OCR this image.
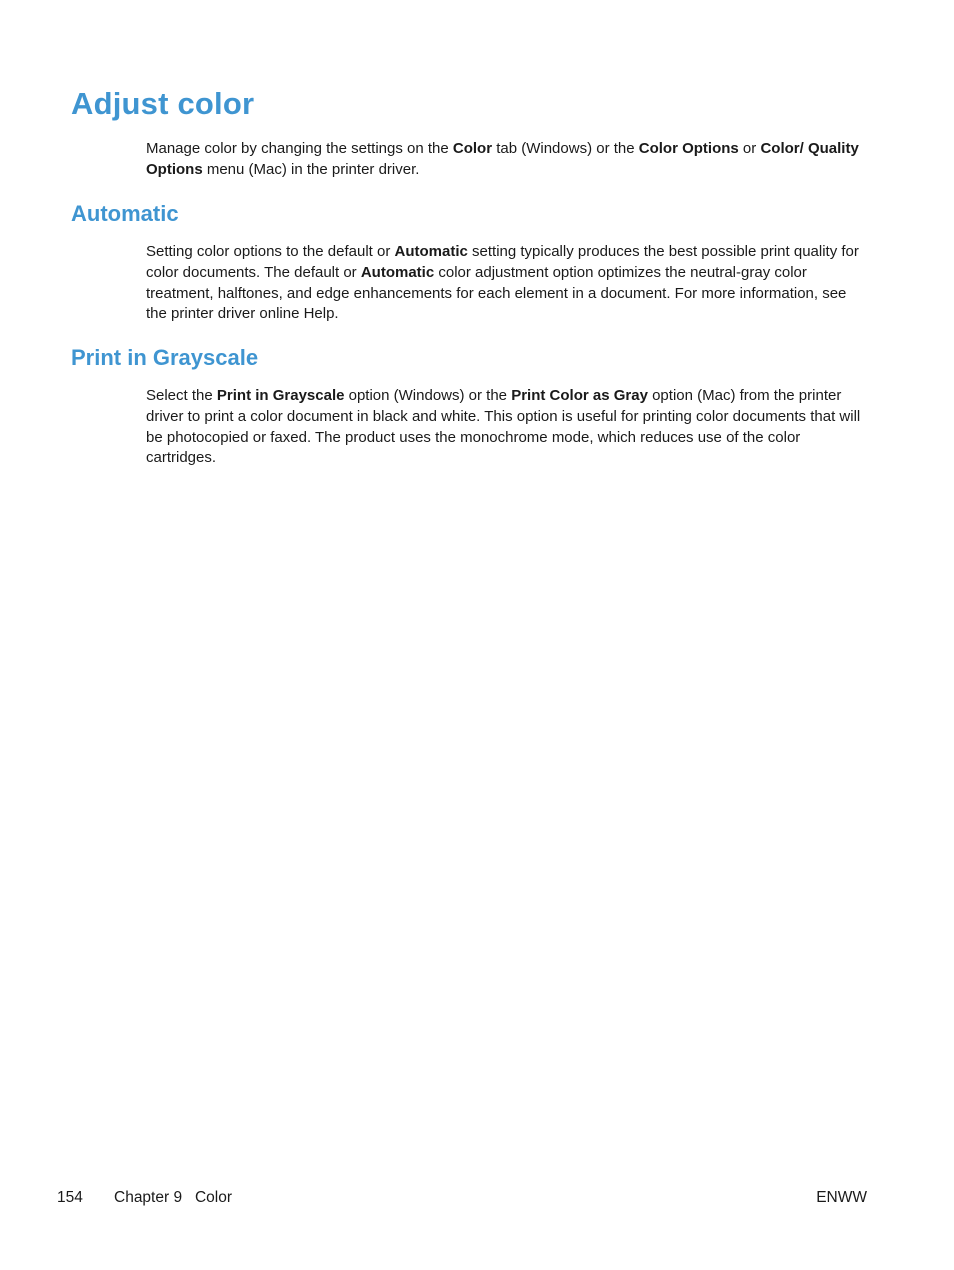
Adjust color

Manage color by changing the settings on the Color tab (Windows) or the Color Options or Color/ Quality Options menu (Mac) in the printer driver.

Automatic

Setting color options to the default or Automatic setting typically produces the best possible print quality for color documents. The default or Automatic color adjustment option optimizes the neutral-gray color treatment, halftones, and edge enhancements for each element in a document. For more information, see the printer driver online Help.

Print in Grayscale

Select the Print in Grayscale option (Windows) or the Print Color as Gray option (Mac) from the printer driver to print a color document in black and white. This option is useful for printing color documents that will be photocopied or faxed. The product uses the monochrome mode, which reduces use of the color cartridges.

154 Chapter 9   Color	ENWW
